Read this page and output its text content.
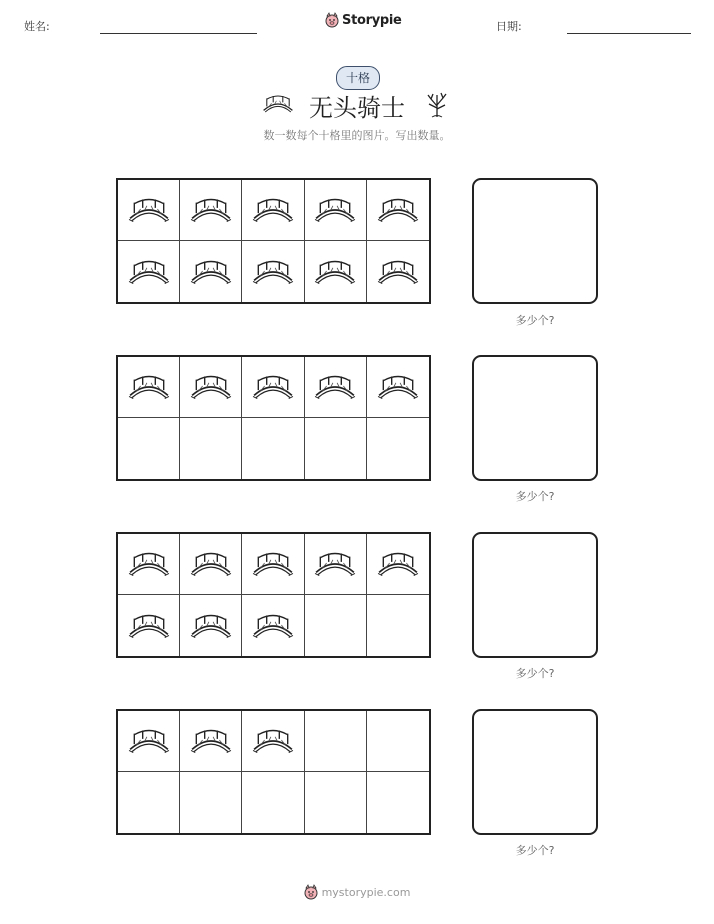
姓名:	Storypie	日期:
十格
无头骑士
数一数每个十格里的图片。写出数量。
多少个?
多少个?
多少个?
多少个?
mystorypie.com
